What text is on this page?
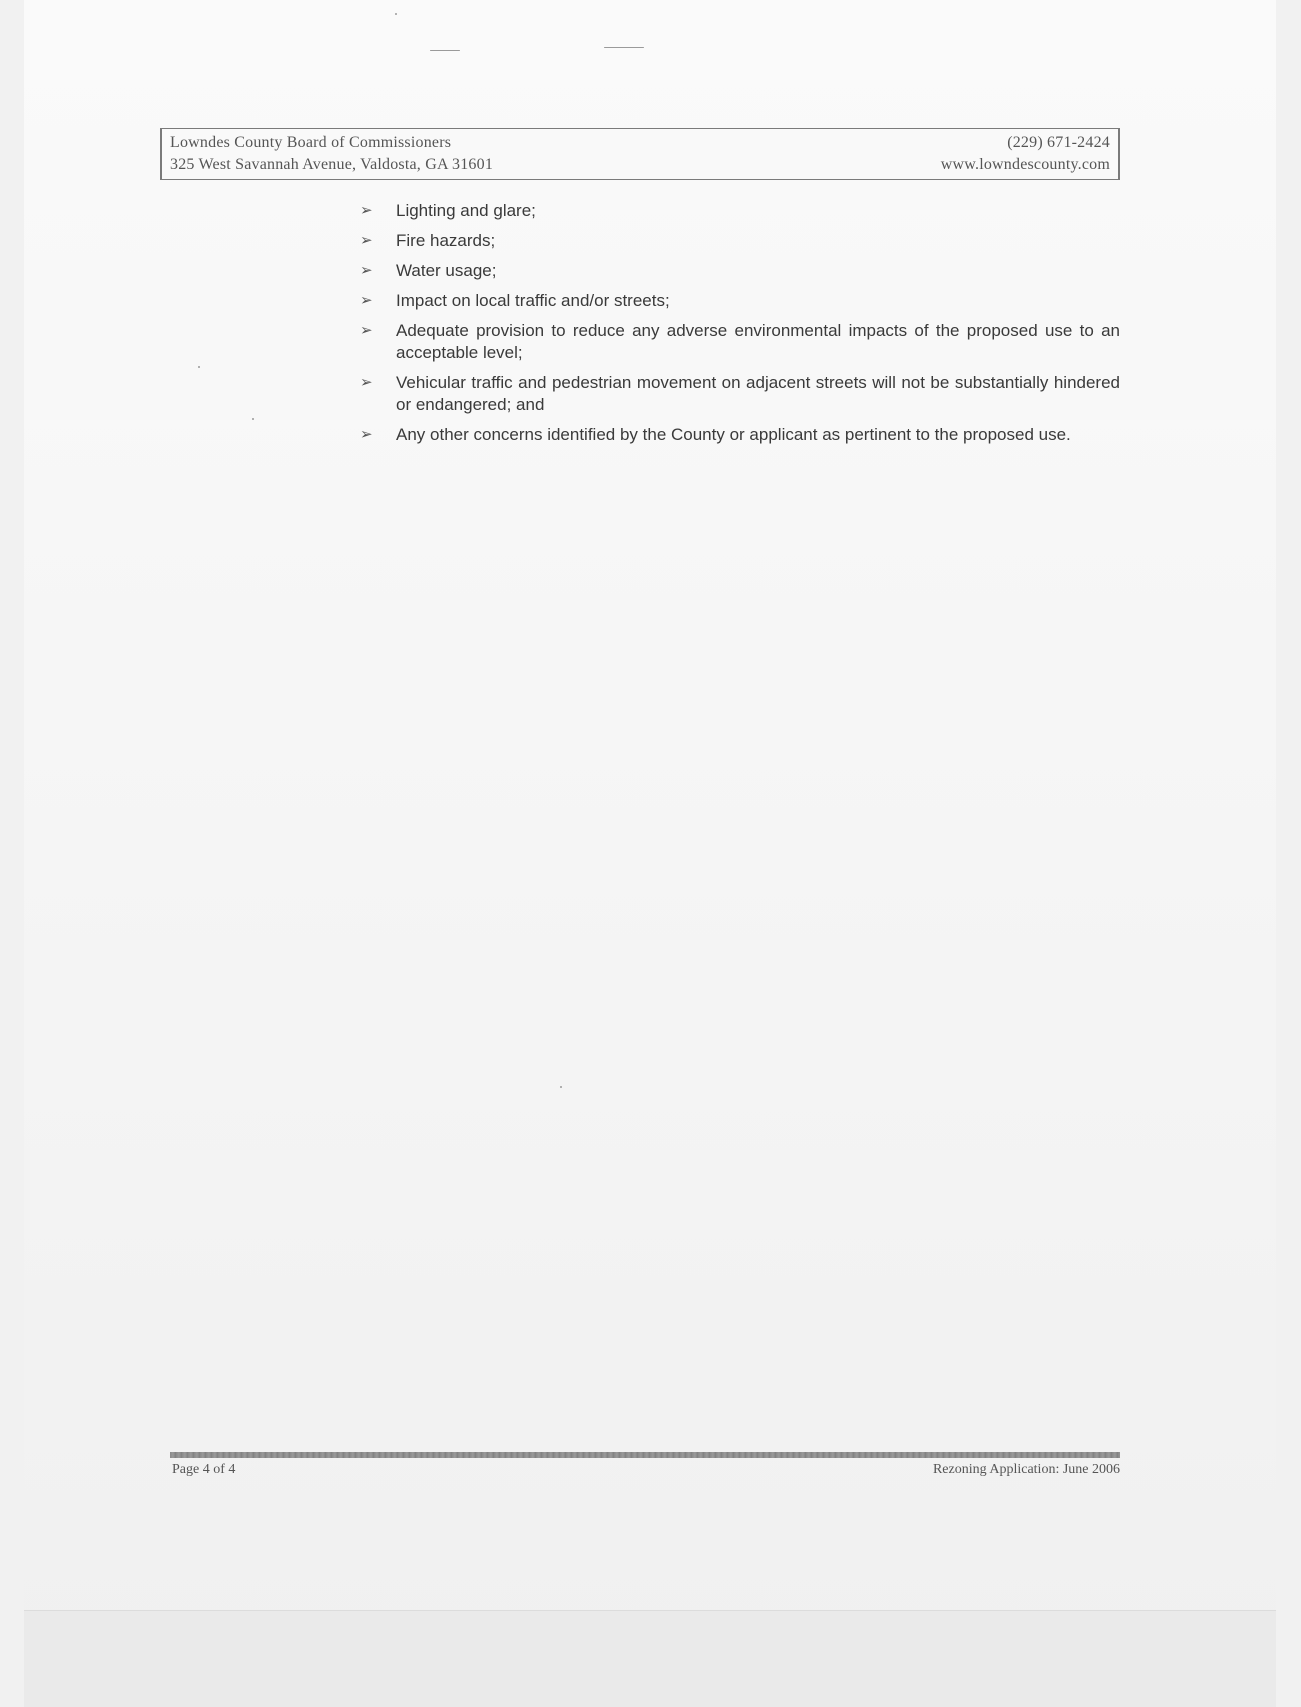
Lowndes County Board of Commissioners
325 West Savannah Avenue, Valdosta, GA 31601
(229) 671-2424
www.lowndescounty.com
➢ Lighting and glare;
➢ Fire hazards;
➢ Water usage;
➢ Impact on local traffic and/or streets;
➢ Adequate provision to reduce any adverse environmental impacts of the proposed use to an acceptable level;
➢ Vehicular traffic and pedestrian movement on adjacent streets will not be substantially hindered or endangered; and
➢ Any other concerns identified by the County or applicant as pertinent to the proposed use.
Page 4 of 4	Rezoning Application: June 2006
